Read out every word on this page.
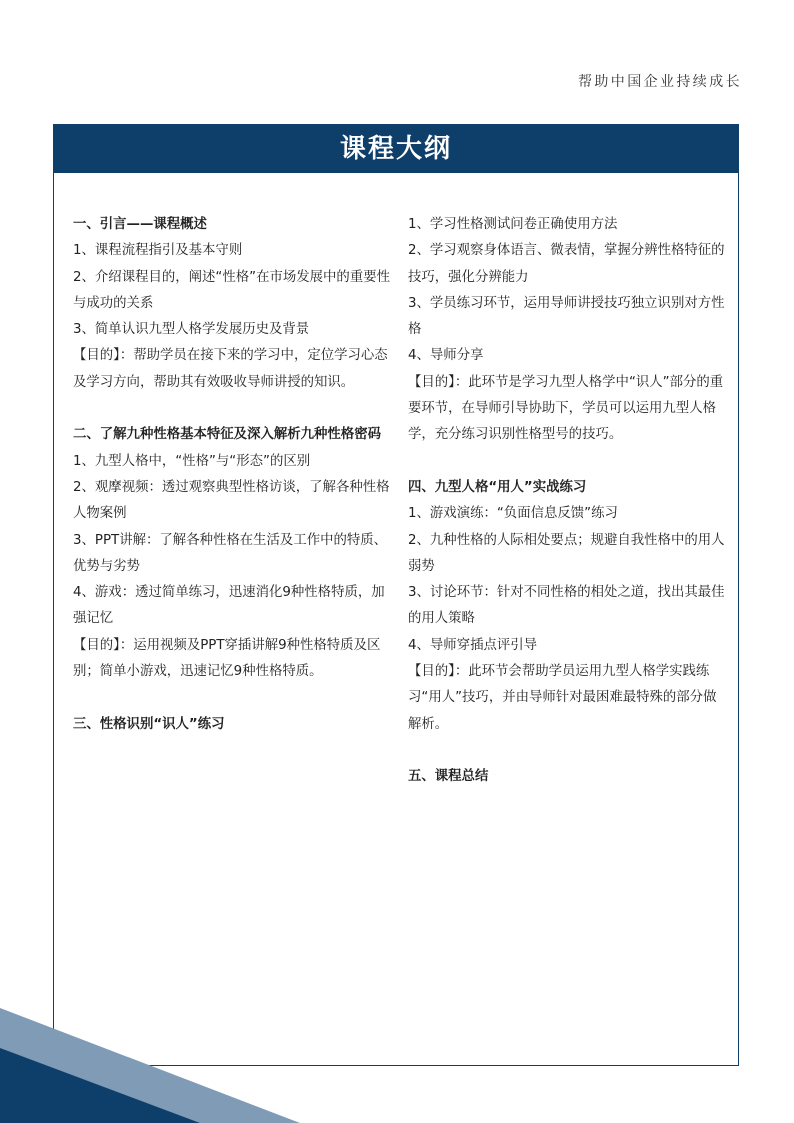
帮助中国企业持续成长
课程大纲
一、引言——课程概述
1、课程流程指引及基本守则
2、介绍课程目的，阐述“性格”在市场发展中的重要性与成功的关系
3、简单认识九型人格学发展历史及背景
【目的】：帮助学员在接下来的学习中，定位学习心态及学习方向，帮助其有效吸收导师讲授的知识。
二、了解九种性格基本特征及深入解析九种性格密码
1、九型人格中，“性格”与“形态”的区别
2、观摩视频：透过观察典型性格访谈，了解各种性格人物案例
3、PPT讲解：了解各种性格在生活及工作中的特质、优势与劣势
4、游戏：透过简单练习，迅速消化9种性格特质，加强记忆
【目的】：运用视频及PPT穿插讲解9种性格特质及区别；简单小游戏，迅速记忆9种性格特质。
三、性格识别“识人”练习
1、学习性格测试问卷正确使用方法
2、学习观察身体语言、微表情，掌握分辨性格特征的技巧，强化分辨能力
3、学员练习环节，运用导师讲授技巧独立识别对方性格
4、导师分享
【目的】：此环节是学习九型人格学中“识人”部分的重要环节，在导师引导协助下，学员可以运用九型人格学，充分练习识别性格型号的技巧。
四、九型人格“用人”实战练习
1、游戏演练：“负面信息反馈”练习
2、九种性格的人际相处要点；规避自我性格中的用人弱势
3、讨论环节：针对不同性格的相处之道，找出其最佳的用人策略
4、导师穿插点评引导
【目的】：此环节会帮助学员运用九型人格学实践练习“用人”技巧，并由导师针对最困难最特殊的部分做解析。
五、课程总结
